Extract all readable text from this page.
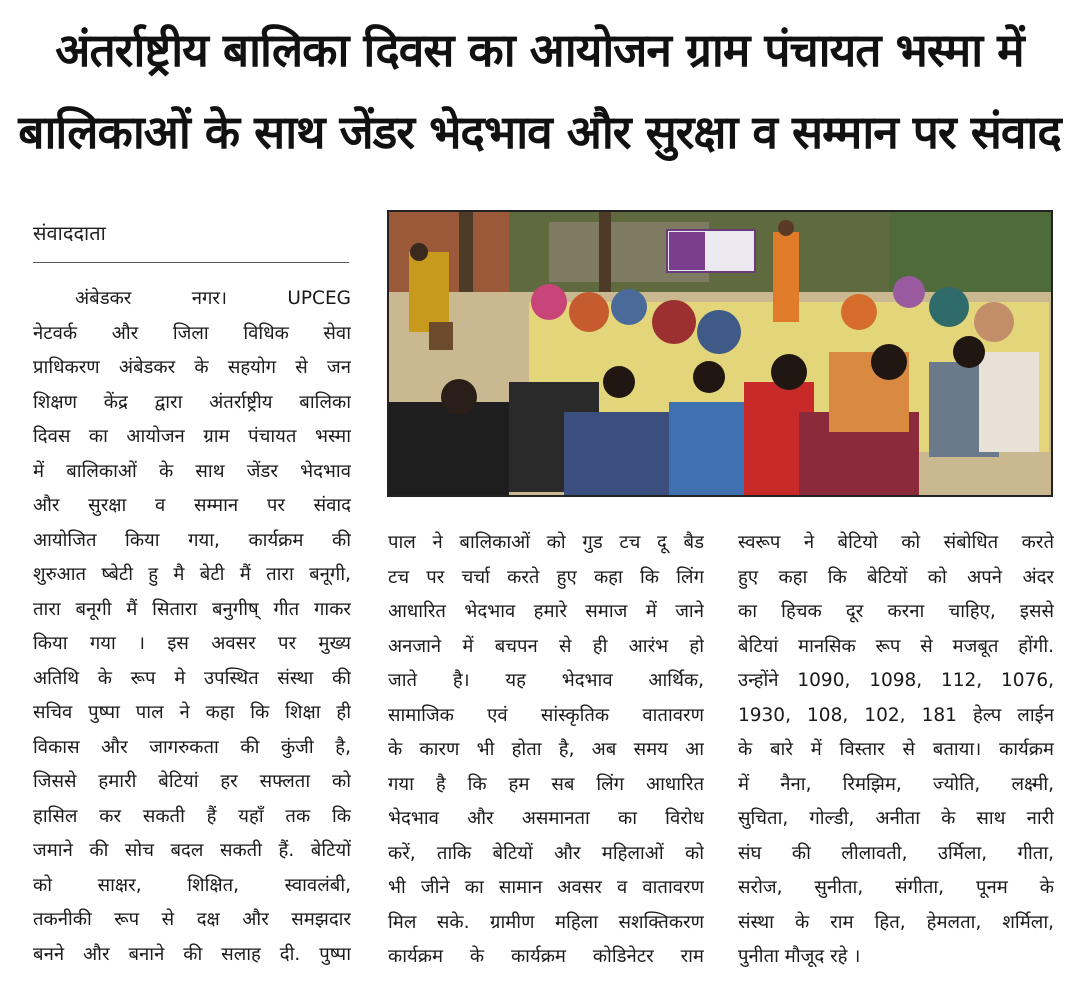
अंतर्राष्ट्रीय बालिका दिवस का आयोजन ग्राम पंचायत भस्मा में
बालिकाओं के साथ जेंडर भेदभाव और सुरक्षा व सम्मान पर संवाद
संवाददाता
अंबेडकर नगर। UPCEG
नेटवर्क और जिला विधिक सेवा
प्राधिकरण अंबेडकर के सहयोग से जन
शिक्षण केंद्र द्वारा अंतर्राष्ट्रीय बालिका
दिवस का आयोजन ग्राम पंचायत भस्मा
में बालिकाओं के साथ जेंडर भेदभाव
और सुरक्षा व सम्मान पर संवाद
आयोजित किया गया, कार्यक्रम की
शुरुआत ष्बेटी हु मै बेटी मैं तारा बनूगी,
तारा बनूगी मैं सितारा बनुगीष् गीत गाकर
किया गया । इस अवसर पर मुख्य
अतिथि के रूप मे उपस्थित संस्था की
सचिव पुष्पा पाल ने कहा कि शिक्षा ही
विकास और जागरुकता की कुंजी है,
जिससे हमारी बेटियां हर सफ्लता को
हासिल कर सकती हैं यहाँ तक कि
जमाने की सोच बदल सकती हैं. बेटियों
को साक्षर, शिक्षित, स्वावलंबी,
तकनीकी रूप से दक्ष और समझदार
बनने और बनाने की सलाह दी. पुष्पा
पाल ने बालिकाओं को गुड टच दू बैड
टच पर चर्चा करते हुए कहा कि लिंग
आधारित भेदभाव हमारे समाज में जाने
अनजाने में बचपन से ही आरंभ हो
जाते है। यह भेदभाव आर्थिक,
सामाजिक एवं सांस्कृतिक वातावरण
के कारण भी होता है, अब समय आ
गया है कि हम सब लिंग आधारित
भेदभाव और असमानता का विरोध
करें, ताकि बेटियों और महिलाओं को
भी जीने का सामान अवसर व वातावरण
मिल सके. ग्रामीण महिला सशक्तिकरण
कार्यक्रम के कार्यक्रम कोडिनेटर राम
स्वरूप ने बेटियो को संबोधित करते
हुए कहा कि बेटियों को अपने अंदर
का हिचक दूर करना चाहिए, इससे
बेटियां मानसिक रूप से मजबूत होंगी.
उन्होंने 1090, 1098, 112, 1076,
1930, 108, 102, 181 हेल्प लाईन
के बारे में विस्तार से बताया। कार्यक्रम
में नैना, रिमझिम, ज्योति, लक्ष्मी,
सुचिता, गोल्डी, अनीता के साथ नारी
संघ की लीलावती, उर्मिला, गीता,
सरोज, सुनीता, संगीता, पूनम के
संस्था के राम हित, हेमलता, शर्मिला,
पुनीता मौजूद रहे ।
